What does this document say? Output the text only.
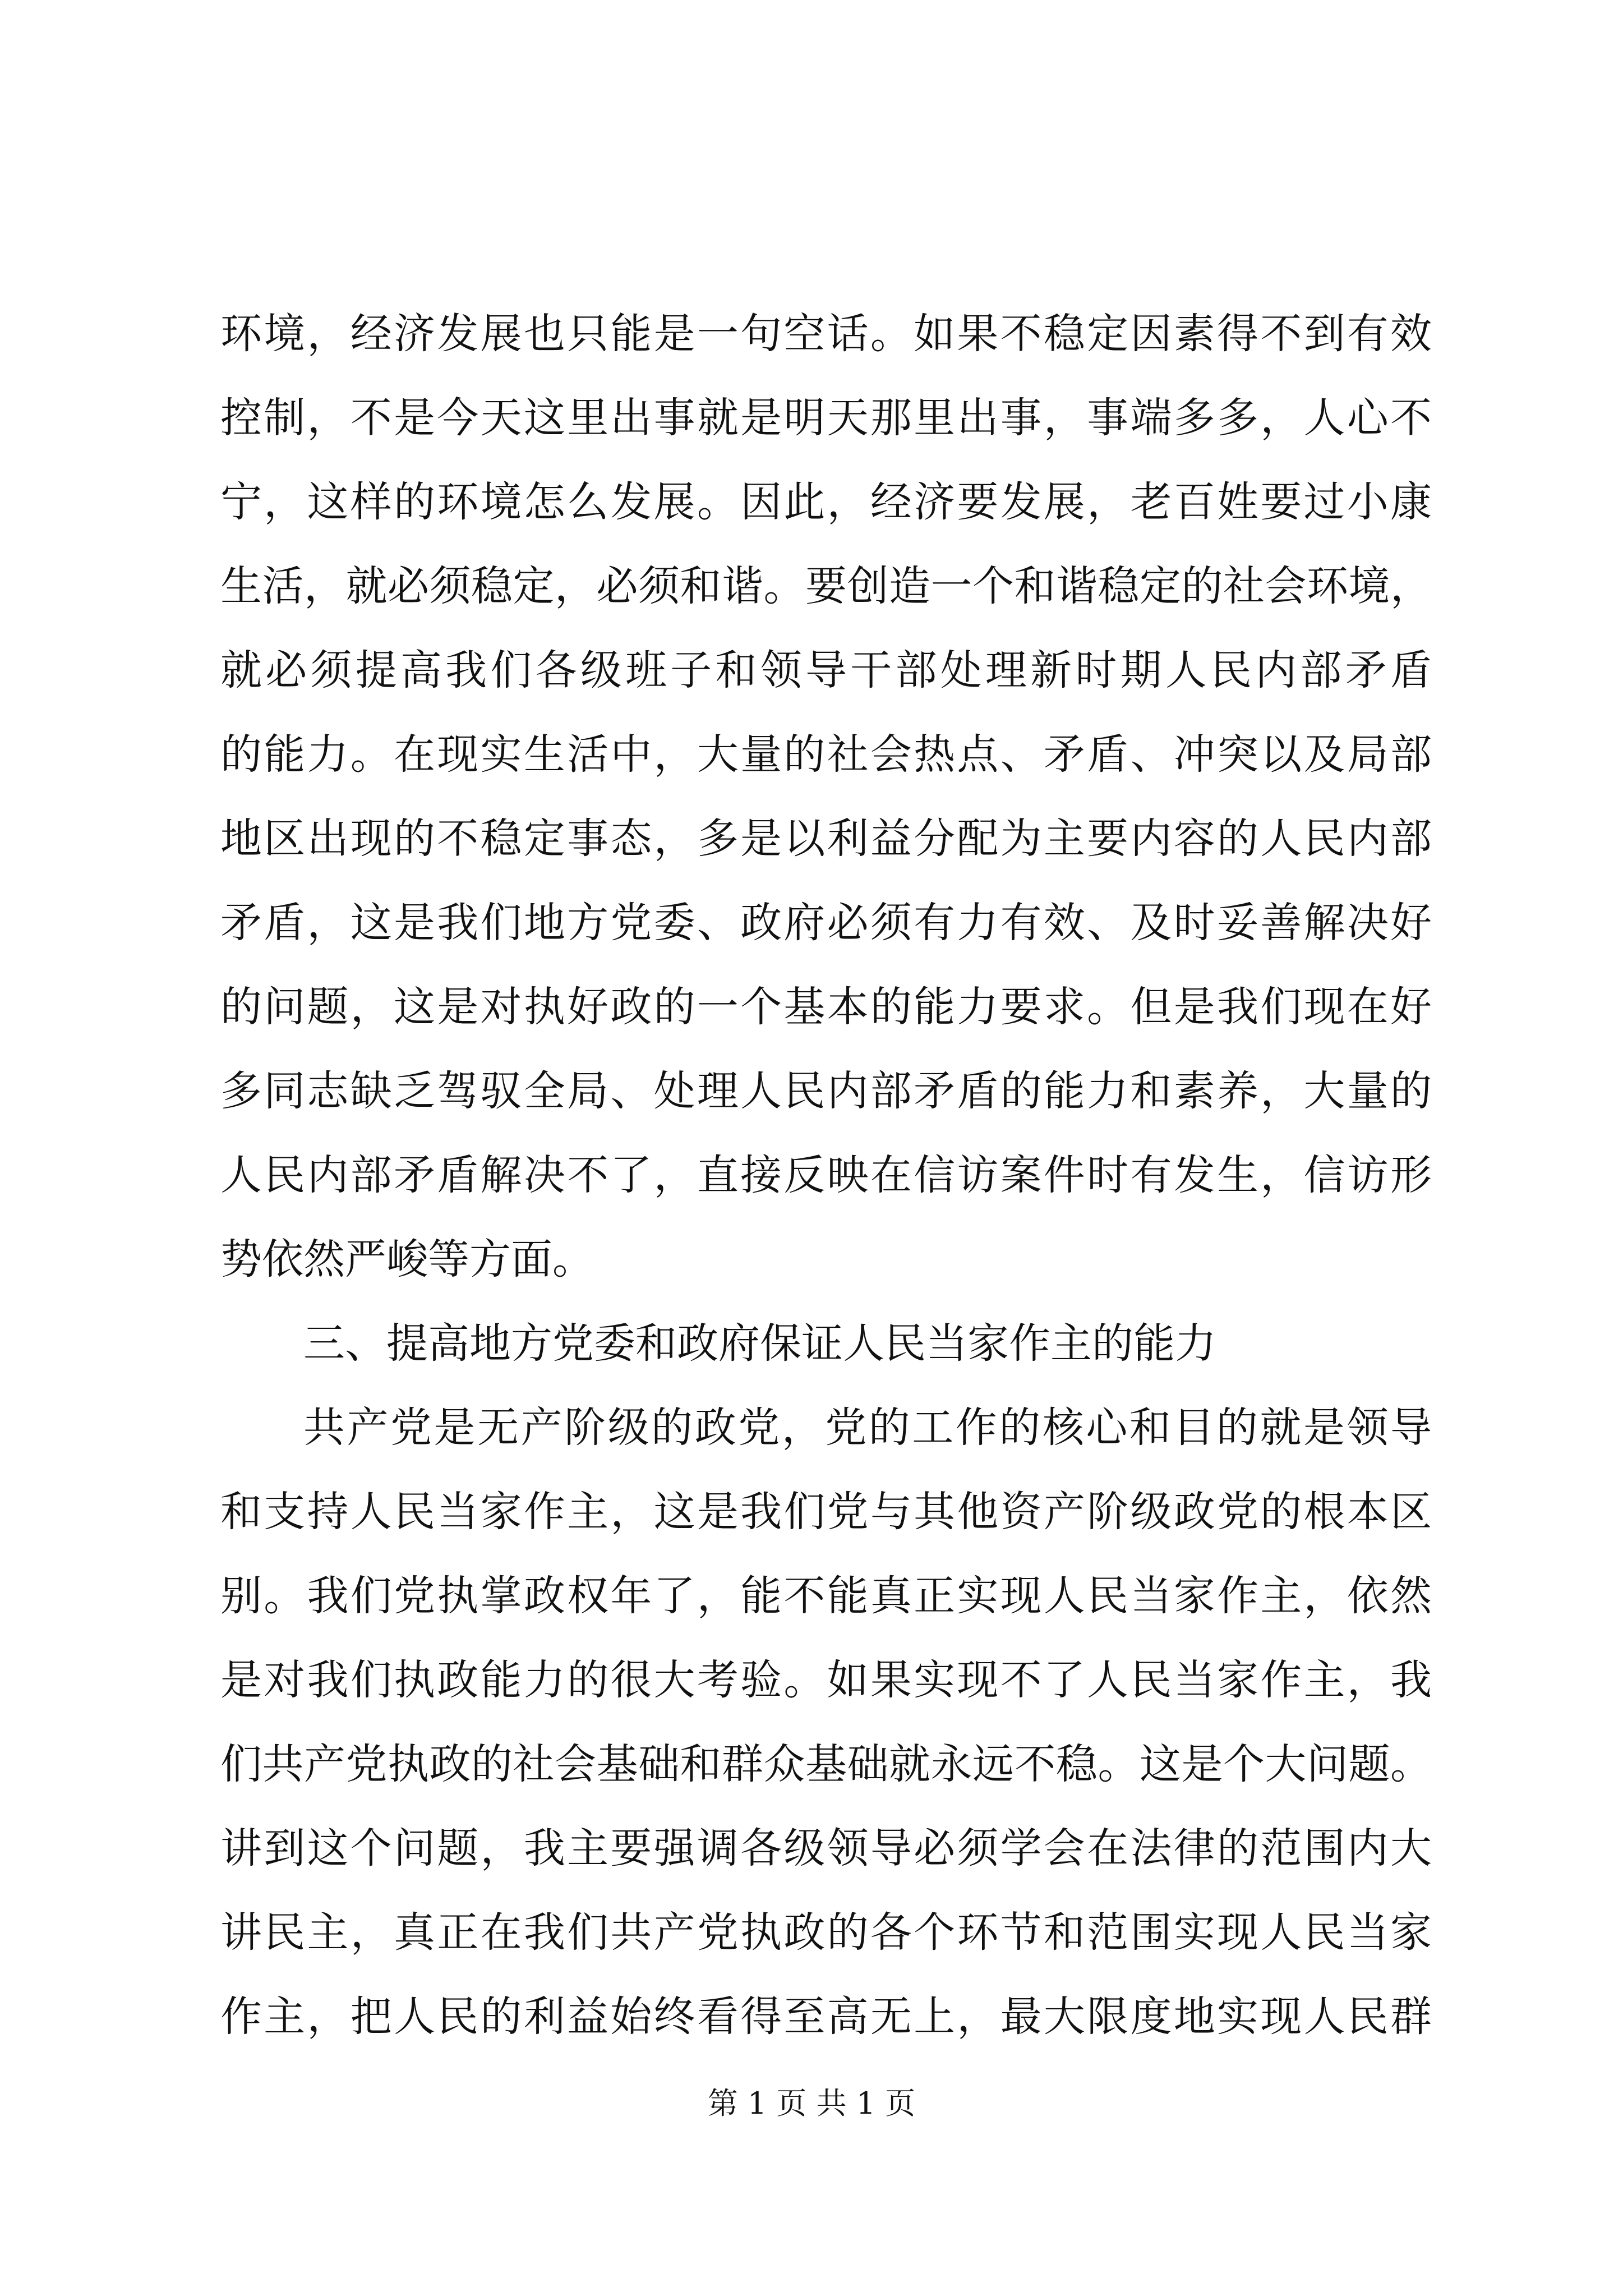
环境，经济发展也只能是一句空话。如果不稳定因素得不到有效
控制，不是今天这里出事就是明天那里出事，事端多多，人心不
宁，这样的环境怎么发展。因此，经济要发展，老百姓要过小康
生活，就必须稳定，必须和谐。要创造一个和谐稳定的社会环境，
就必须提高我们各级班子和领导干部处理新时期人民内部矛盾
的能力。在现实生活中，大量的社会热点、矛盾、冲突以及局部
地区出现的不稳定事态，多是以利益分配为主要内容的人民内部
矛盾，这是我们地方党委、政府必须有力有效、及时妥善解决好
的问题，这是对执好政的一个基本的能力要求。但是我们现在好
多同志缺乏驾驭全局、处理人民内部矛盾的能力和素养，大量的
人民内部矛盾解决不了，直接反映在信访案件时有发生，信访形
势依然严峻等方面。
三、提高地方党委和政府保证人民当家作主的能力
共产党是无产阶级的政党，党的工作的核心和目的就是领导
和支持人民当家作主，这是我们党与其他资产阶级政党的根本区
别。我们党执掌政权年了，能不能真正实现人民当家作主，依然
是对我们执政能力的很大考验。如果实现不了人民当家作主，我
们共产党执政的社会基础和群众基础就永远不稳。这是个大问题。
讲到这个问题，我主要强调各级领导必须学会在法律的范围内大
讲民主，真正在我们共产党执政的各个环节和范围实现人民当家
作主，把人民的利益始终看得至高无上，最大限度地实现人民群
第 1 页 共 1 页
